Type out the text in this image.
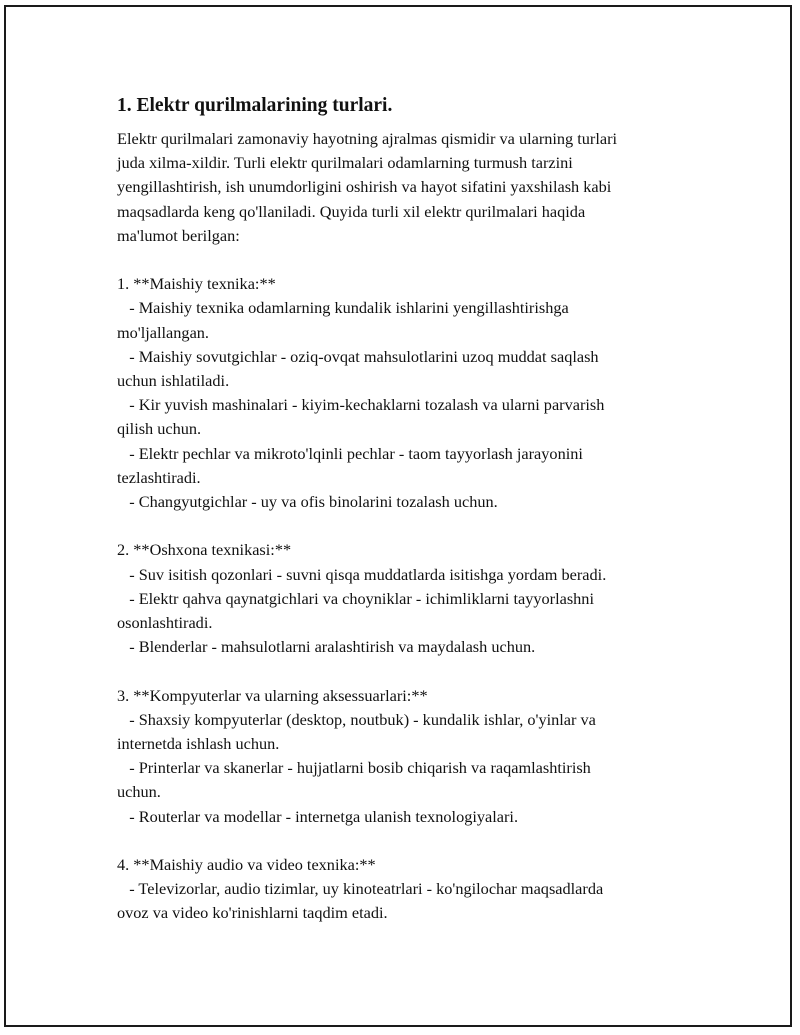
1. Elektr qurilmalarining turlari.
Elektr qurilmalari zamonaviy hayotning ajralmas qismidir va ularning turlari
juda xilma-xildir. Turli elektr qurilmalari odamlarning turmush tarzini
yengillashtirish, ish unumdorligini oshirish va hayot sifatini yaxshilash kabi
maqsadlarda keng qo'llaniladi. Quyida turli xil elektr qurilmalari haqida
ma'lumot berilgan:
1. **Maishiy texnika:**
- Maishiy texnika odamlarning kundalik ishlarini yengillashtirishga
mo'ljallangan.
- Maishiy sovutgichlar - oziq-ovqat mahsulotlarini uzoq muddat saqlash
uchun ishlatiladi.
- Kir yuvish mashinalari - kiyim-kechaklarni tozalash va ularni parvarish
qilish uchun.
- Elektr pechlar va mikroto'lqinli pechlar - taom tayyorlash jarayonini
tezlashtiradi.
- Changyutgichlar - uy va ofis binolarini tozalash uchun.
2. **Oshxona texnikasi:**
- Suv isitish qozonlari - suvni qisqa muddatlarda isitishga yordam beradi.
- Elektr qahva qaynatgichlari va choyniklar - ichimliklarni tayyorlashni
osonlashtiradi.
- Blenderlar - mahsulotlarni aralashtirish va maydalash uchun.
3. **Kompyuterlar va ularning aksessuarlari:**
- Shaxsiy kompyuterlar (desktop, noutbuk) - kundalik ishlar, o'yinlar va
internetda ishlash uchun.
- Printerlar va skanerlar - hujjatlarni bosib chiqarish va raqamlashtirish
uchun.
- Routerlar va modellar - internetga ulanish texnologiyalari.
4. **Maishiy audio va video texnika:**
- Televizorlar, audio tizimlar, uy kinoteatrlari - ko'ngilochar maqsadlarda
ovoz va video ko'rinishlarni taqdim etadi.
